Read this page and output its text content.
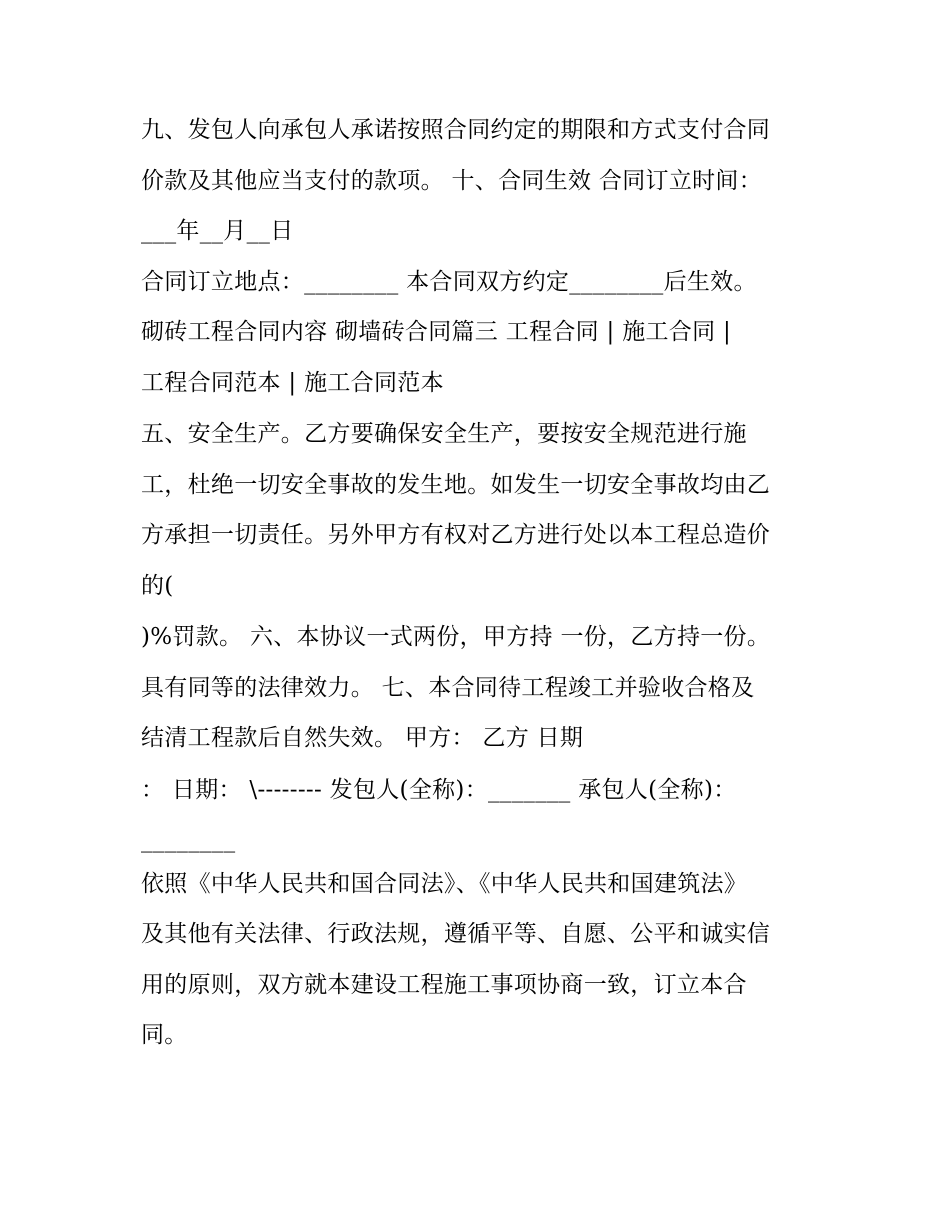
九、发包人向承包人承诺按照合同约定的期限和方式支付合同
价款及其他应当支付的款项。 十、合同生效 合同订立时间：
___年__月__日
合同订立地点：________ 本合同双方约定________后生效。
砌砖工程合同内容 砌墙砖合同篇三 工程合同 | 施工合同 |
工程合同范本 | 施工合同范本
五、安全生产。乙方要确保安全生产，要按安全规范进行施
工，杜绝一切安全事故的发生地。如发生一切安全事故均由乙
方承担一切责任。另外甲方有权对乙方进行处以本工程总造价
的(
)%罚款。 六、本协议一式两份，甲方持 一份，乙方持一份。
具有同等的法律效力。 七、本合同待工程竣工并验收合格及
结清工程款后自然失效。 甲方： 乙方 日期
： 日期： \-------- 发包人(全称)：_______ 承包人(全称)：
________
依照《中华人民共和国合同法》、《中华人民共和国建筑法》
及其他有关法律、行政法规，遵循平等、自愿、公平和诚实信
用的原则，双方就本建设工程施工事项协商一致，订立本合
同。
